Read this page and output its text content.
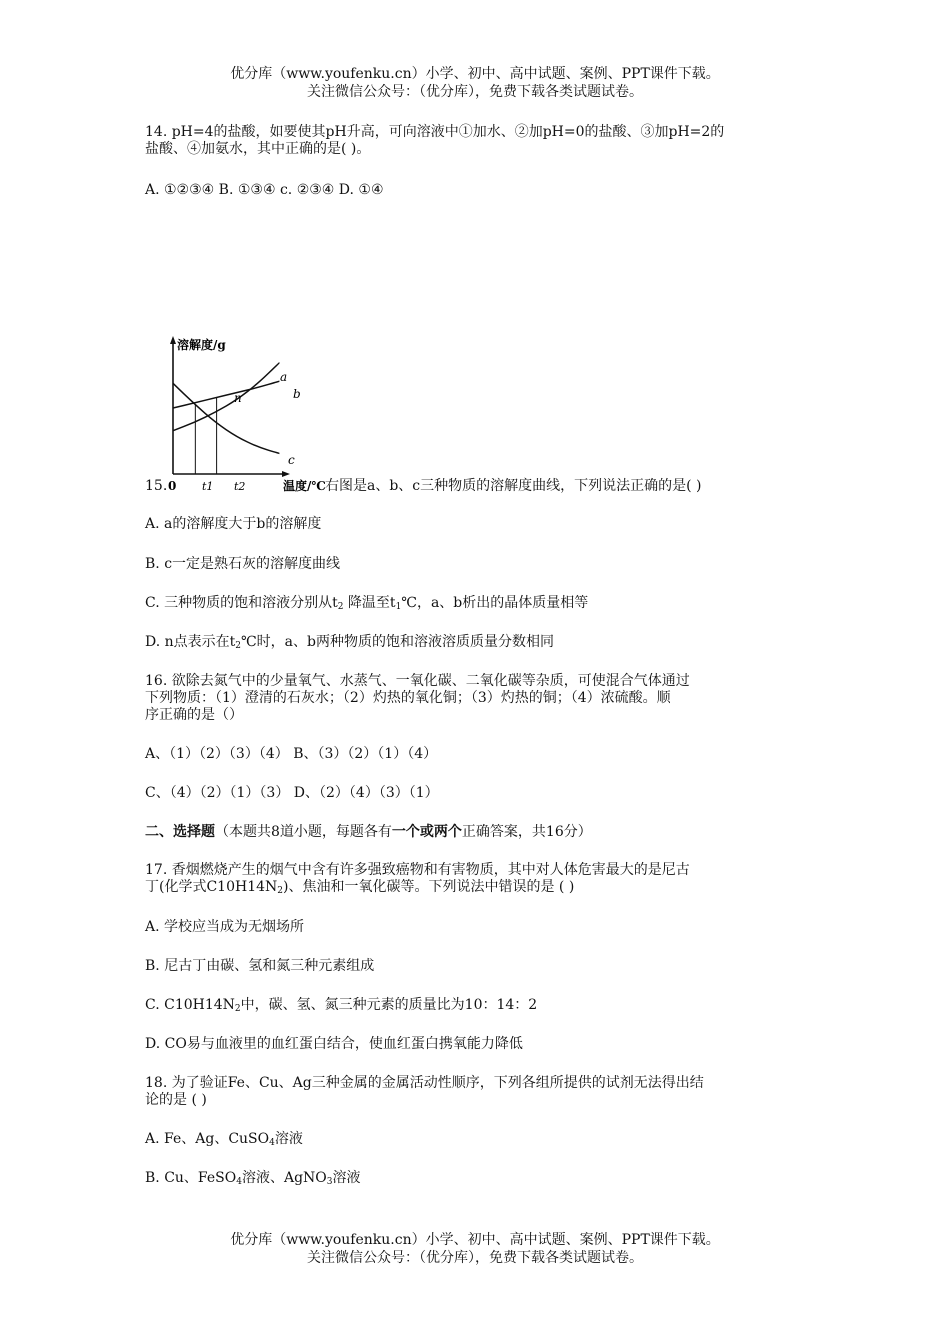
优分库（www.youfenku.cn）小学、初中、高中试题、案例、PPT课件下载。
关注微信公众号：（优分库），免费下载各类试题试卷。
14. pH=4的盐酸，如要使其pH升高，可向溶液中①加水、②加pH=0的盐酸、③加pH=2的
盐酸、④加氨水，其中正确的是( )。
A. ①②③④ B. ①③④ c. ②③④ D. ①④
溶解度/g
0 t1 t2	温度/℃
n
a
b
c
15.	右图是a、b、c三种物质的溶解度曲线，下列说法正确的是( )
A. a的溶解度大于b的溶解度
B. c一定是熟石灰的溶解度曲线
C. 三种物质的饱和溶液分别从$t_2$ 降温至$t_1℃$，a、b析出的晶体质量相等
D. n点表示在$t_2℃$时，a、b两种物质的饱和溶液溶质质量分数相同
16. 欲除去氮气中的少量氧气、水蒸气、一氧化碳、二氧化碳等杂质，可使混合气体通过
下列物质：（1）澄清的石灰水；（2）灼热的氧化铜；（3）灼热的铜；（4）浓硫酸。顺
序正确的是（）
A、（1）（2）（3）（4） B、（3）（2）（1）（4）
C、（4）（2）（1）（3） D、（2）（4）（3）（1）
二、选择题（本题共8道小题，每题各有一个或两个正确答案，共16分）
17. 香烟燃烧产生的烟气中含有许多强致癌物和有害物质，其中对人体危害最大的是尼古
丁(化学式$C10H14N_2$)、焦油和一氧化碳等。下列说法中错误的是 ( )
A. 学校应当成为无烟场所
B. 尼古丁由碳、氢和氮三种元素组成
C. $C10H14N_2$中，碳、氢、氮三种元素的质量比为10：14：2
D. CO易与血液里的血红蛋白结合，使血红蛋白携氧能力降低
18. 为了验证Fe、Cu、Ag三种金属的金属活动性顺序，下列各组所提供的试剂无法得出结
论的是 ( )
A. Fe、Ag、CuSO$_4$溶液
B. Cu、FeSO$_4$溶液、AgNO$_3$溶液
优分库（www.youfenku.cn）小学、初中、高中试题、案例、PPT课件下载。
关注微信公众号：（优分库），免费下载各类试题试卷。
